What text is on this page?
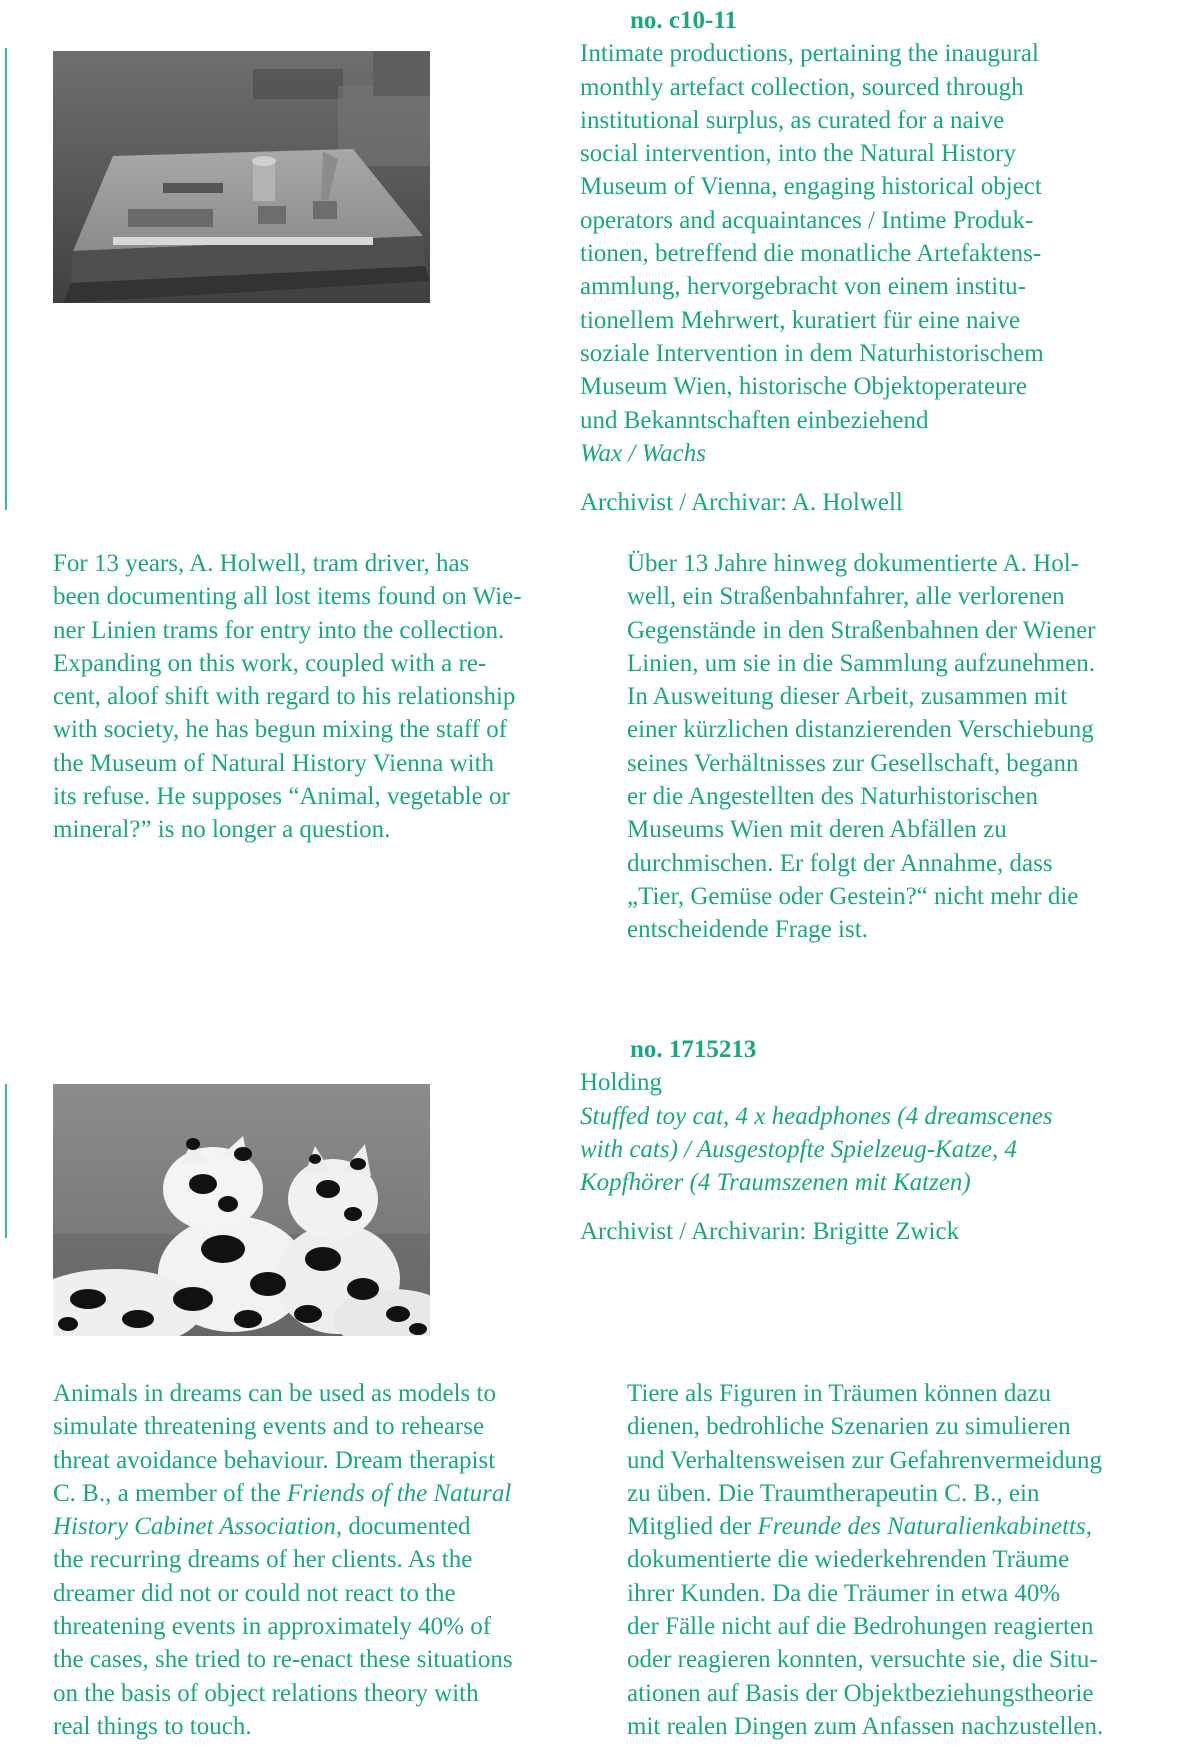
no. c10-11
Intimate productions, pertaining the inaugural
monthly artefact collection, sourced through
institutional surplus, as curated for a naive
social intervention, into the Natural History
Museum of Vienna, engaging historical object
operators and acquaintances / Intime Produk-
tionen, betreffend die monatliche Artefaktens-
ammlung, hervorgebracht von einem institu-
tionellem Mehrwert, kuratiert für eine naive
soziale Intervention in dem Naturhistorischem
Museum Wien, historische Objektoperateure
und Bekanntschaften einbeziehend
Wax / Wachs
Archivist / Archivar: A. Holwell
For 13 years, A. Holwell, tram driver, has
been documenting all lost items found on Wie-
ner Linien trams for entry into the collection.
Expanding on this work, coupled with a re-
cent, aloof shift with regard to his relationship
with society, he has begun mixing the staff of
the Museum of Natural History Vienna with
its refuse. He supposes “Animal, vegetable or
mineral?” is no longer a question.
Über 13 Jahre hinweg dokumentierte A. Hol-
well, ein Straßenbahnfahrer, alle verlorenen
Gegenstände in den Straßenbahnen der Wiener
Linien, um sie in die Sammlung aufzunehmen.
In Ausweitung dieser Arbeit, zusammen mit
einer kürzlichen distanzierenden Verschiebung
seines Verhältnisses zur Gesellschaft, begann
er die Angestellten des Naturhistorischen
Museums Wien mit deren Abfällen zu
durchmischen. Er folgt der Annahme, dass
„Tier, Gemüse oder Gestein?“ nicht mehr die
entscheidende Frage ist.
no. 1715213
Holding
Stuffed toy cat, 4 x headphones (4 dreamscenes
with cats) / Ausgestopfte Spielzeug-Katze, 4
Kopfhörer (4 Traumszenen mit Katzen)
Archivist / Archivarin: Brigitte Zwick
Animals in dreams can be used as models to
simulate threatening events and to rehearse
threat avoidance behaviour. Dream therapist
C. B., a member of the Friends of the Natural
History Cabinet Association, documented
the recurring dreams of her clients. As the
dreamer did not or could not react to the
threatening events in approximately 40% of
the cases, she tried to re-enact these situations
on the basis of object relations theory with
real things to touch.
Tiere als Figuren in Träumen können dazu
dienen, bedrohliche Szenarien zu simulieren
und Verhaltensweisen zur Gefahrenvermeidung
zu üben. Die Traumtherapeutin C. B., ein
Mitglied der Freunde des Naturalienkabinetts,
dokumentierte die wiederkehrenden Träume
ihrer Kunden. Da die Träumer in etwa 40%
der Fälle nicht auf die Bedrohungen reagierten
oder reagieren konnten, versuchte sie, die Situ-
ationen auf Basis der Objektbeziehungstheorie
mit realen Dingen zum Anfassen nachzustellen.
